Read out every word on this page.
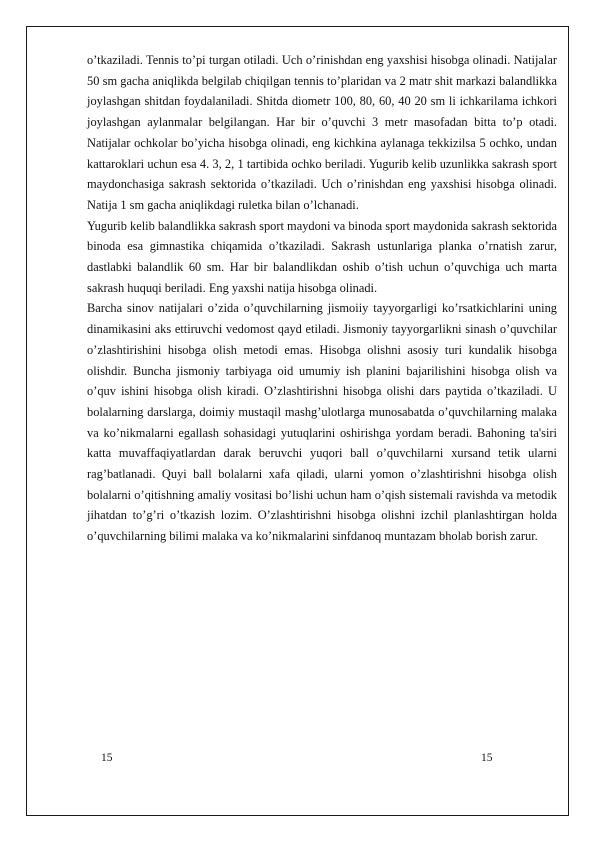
o’tkaziladi. Tennis to’pi turgan otiladi. Uch o’rinishdan eng yaxshisi hisobga olinadi. Natijalar 50 sm gacha aniqlikda belgilab chiqilgan tennis to’plaridan va 2 matr shit markazi balandlikka joylashgan shitdan foydalaniladi. Shitda diometr 100, 80, 60, 40 20 sm li ichkarilama ichkori joylashgan aylanmalar belgilangan. Har bir o’quvchi 3 metr masofadan bitta to’p otadi. Natijalar ochkolar bo’yicha hisobga olinadi, eng kichkina aylanaga tekkizilsa 5 ochko, undan kattaroklari uchun esa 4. 3, 2, 1 tartibida ochko beriladi. Yugurib kelib uzunlikka sakrash sport maydonchasiga sakrash sektorida o’tkaziladi. Uch o’rinishdan eng yaxshisi hisobga olinadi. Natija 1 sm gacha aniqlikdagi ruletka bilan o’lchanadi.

Yugurib kelib balandlikka sakrash sport maydoni va binoda sport maydonida sakrash sektorida binoda esa gimnastika chiqamida o’tkaziladi. Sakrash ustunlariga planka o’rnatish zarur, dastlabki balandlik 60 sm. Har bir balandlikdan oshib o’tish uchun o’quvchiga uch marta sakrash huquqi beriladi. Eng yaxshi natija hisobga olinadi.

Barcha sinov natijalari o’zida o’quvchilarning jismoiiy tayyorgarligi ko’rsatkichlarini uning dinamikasini aks ettiruvchi vedomost qayd etiladi. Jismoniy tayyorgarlikni sinash o’quvchilar o’zlashtirishini hisobga olish metodi emas. Hisobga olishni asosiy turi kundalik hisobga olishdir. Buncha jismoniy tarbiyaga oid umumiy ish planini bajarilishini hisobga olish va o’quv ishini hisobga olish kiradi. O’zlashtirishni hisobga olishi dars paytida o’tkaziladi. U bolalarning darslarga, doimiy mustaqil mashg’ulotlarga munosabatda o’quvchilarning malaka va ko’nikmalarni egallash sohasidagi yutuqlarini oshirishga yordam beradi. Bahoning ta'siri katta muvaffaqiyatlardan darak beruvchi yuqori ball o’quvchilarni xursand tetik ularni rag’batlanadi. Quyi ball bolalarni xafa qiladi, ularni yomon o’zlashtirishni hisobga olish bolalarni o’qitishning amaliy vositasi bo’lishi uchun ham o’qish sistemali ravishda va metodik jihatdan to’g’ri o’tkazish lozim. O’zlashtirishni hisobga olishni izchil planlashtirgan holda o’quvchilarning bilimi malaka va ko’nikmalarini sinfdanoq muntazam bholab borish zarur.

15	15
